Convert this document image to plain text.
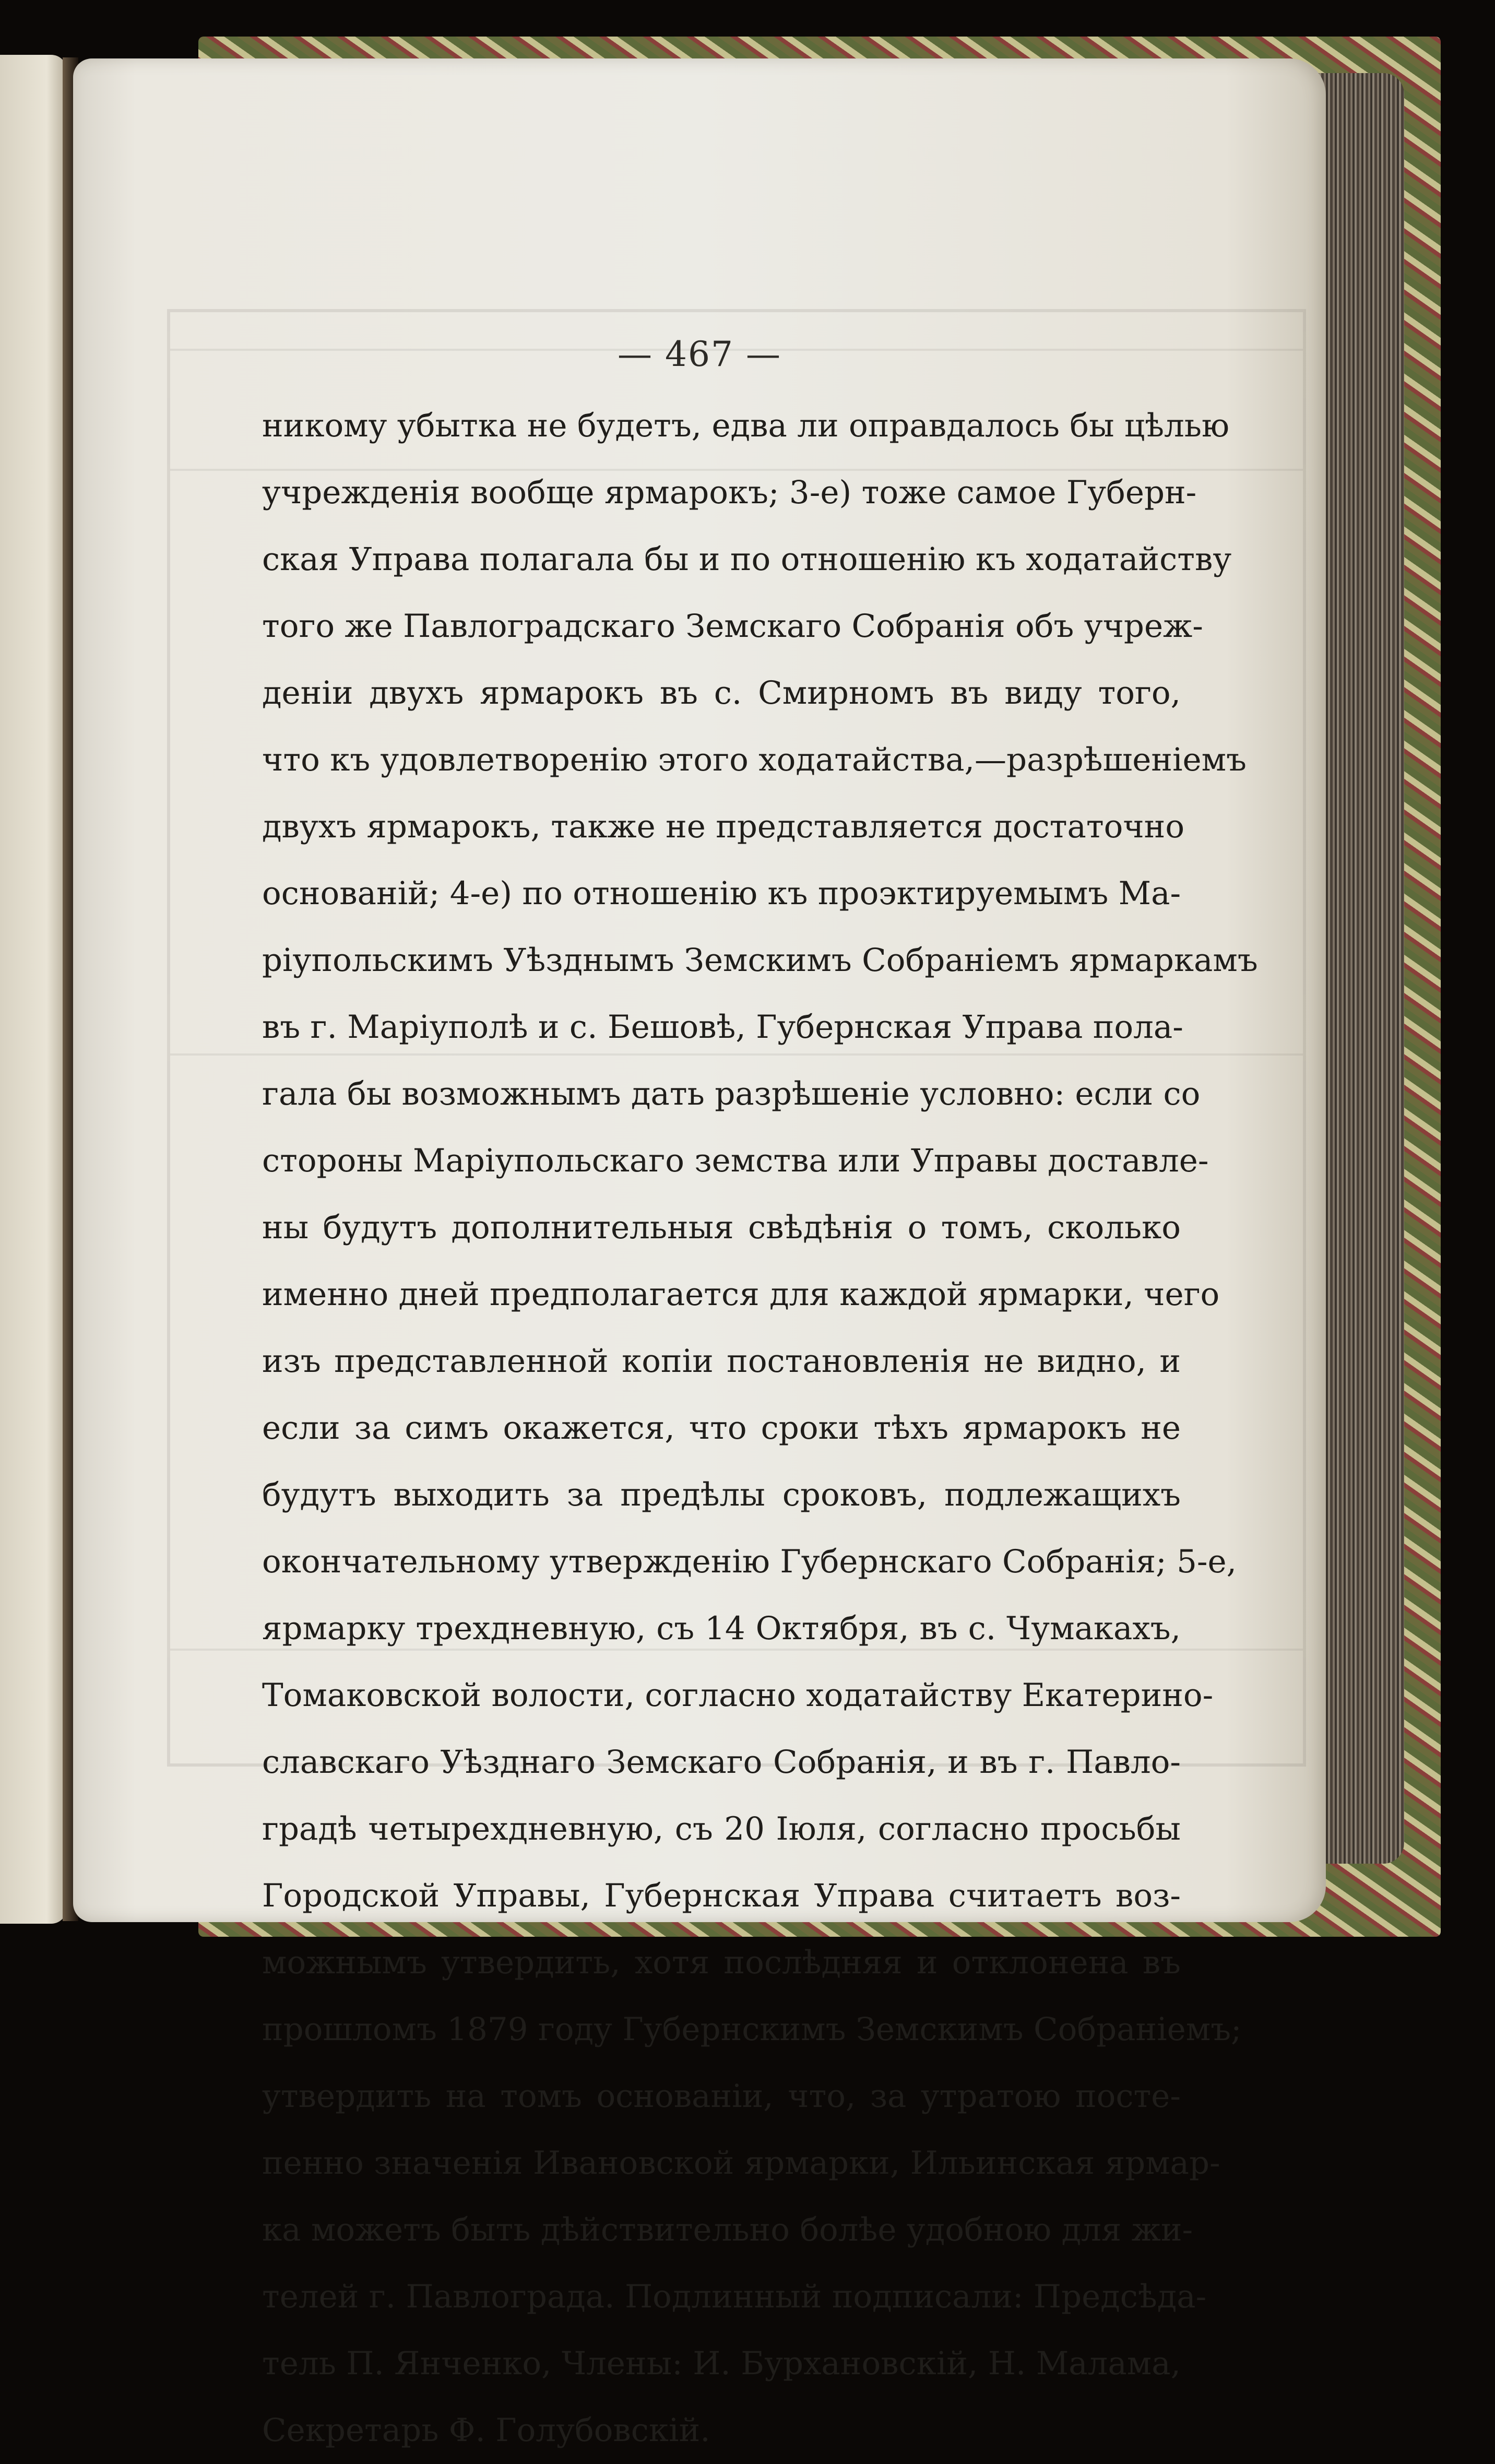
— 467 —
никому убытка не будетъ, едва ли оправдалось бы цѣлью
учрежденія вообще ярмарокъ; 3-е) тоже самое Губерн-
ская Управа полагала бы и по отношенію къ ходатайству
того же Павлоградскаго Земскаго Собранія объ учреж-
деніи двухъ ярмарокъ въ с. Смирномъ въ виду того,
что къ удовлетворенію этого ходатайства,—разрѣшеніемъ
двухъ ярмарокъ, также не представляется достаточно
основаній; 4-е) по отношенію къ проэктируемымъ Ма-
ріупольскимъ Уѣзднымъ Земскимъ Собраніемъ ярмаркамъ
въ г. Маріуполѣ и с. Бешовѣ, Губернская Управа пола-
гала бы возможнымъ дать разрѣшеніе условно: если со
стороны Маріупольскаго земства или Управы доставле-
ны будутъ дополнительныя свѣдѣнія о томъ, сколько
именно дней предполагается для каждой ярмарки, чего
изъ представленной копіи постановленія не видно, и
если за симъ окажется, что сроки тѣхъ ярмарокъ не
будутъ выходить за предѣлы сроковъ, подлежащихъ
окончательному утвержденію Губернскаго Собранія; 5-е,
ярмарку трехдневную, съ 14 Октября, въ с. Чумакахъ,
Томаковской волости, согласно ходатайству Екатерино-
славскаго Уѣзднаго Земскаго Собранія, и въ г. Павло-
градѣ четырехдневную, съ 20 Іюля, согласно просьбы
Городской Управы, Губернская Управа считаетъ воз-
можнымъ утвердить, хотя послѣдняя и отклонена въ
прошломъ 1879 году Губернскимъ Земскимъ Собраніемъ;
утвердить на томъ основаніи, что, за утратою посте-
пенно значенія Ивановской ярмарки, Ильинская ярмар-
ка можетъ быть дѣйствительно болѣе удобною для жи-
телей г. Павлограда. Подлинный подписали: Предсѣда-
тель П. Янченко, Члены: И. Бурхановскій, Н. Малама,
Секретарь Ф. Голубовскій.
